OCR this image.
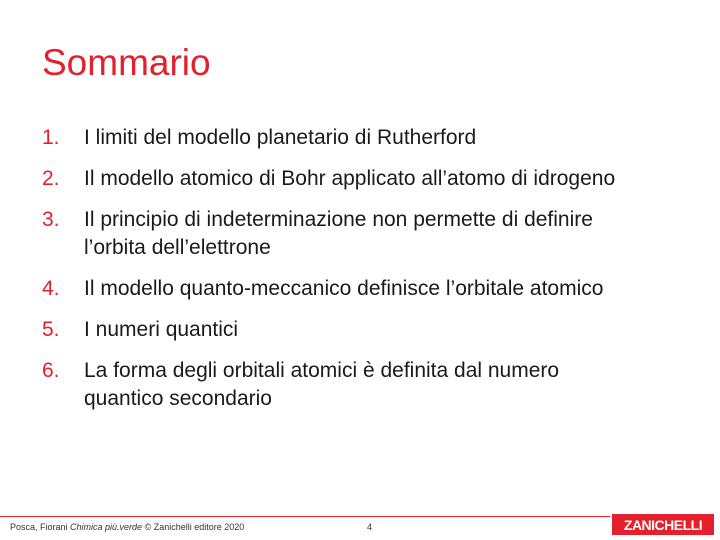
Sommario
1.	I limiti del modello planetario di Rutherford
2.	Il modello atomico di Bohr applicato all’atomo di idrogeno
3.	Il principio di indeterminazione non permette di definire l’orbita dell’elettrone
4.	Il modello quanto-meccanico definisce l’orbitale atomico
5.	I numeri quantici
6.	La forma degli orbitali atomici è definita dal numero quantico secondario
Posca, Fiorani Chimica più.verde © Zanichelli editore 2020	4	ZANICHELLI
